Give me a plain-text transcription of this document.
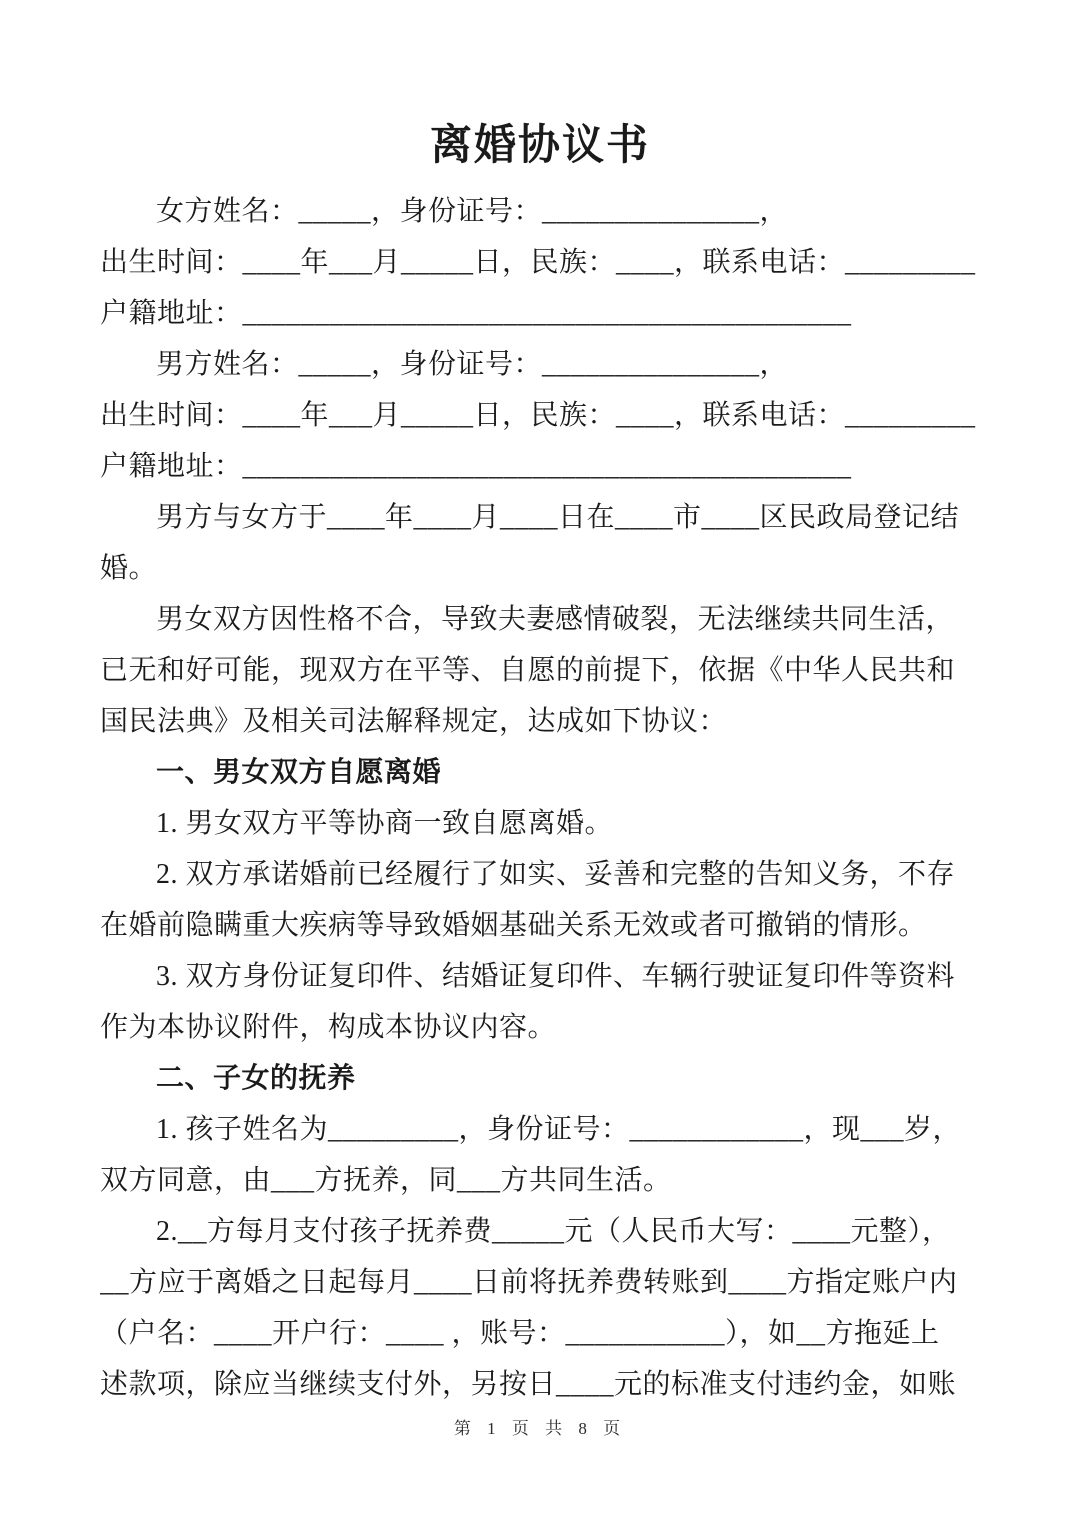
离婚协议书
女方姓名：_____，身份证号：_______________，
出生时间：____年___月_____日，民族：____，联系电话：_________
户籍地址：__________________________________________
男方姓名：_____，身份证号：_______________，
出生时间：____年___月_____日，民族：____，联系电话：_________
户籍地址：__________________________________________
男方与女方于____年____月____日在____市____区民政局登记结
婚。
男女双方因性格不合，导致夫妻感情破裂，无法继续共同生活，
已无和好可能，现双方在平等、自愿的前提下，依据《中华人民共和
国民法典》及相关司法解释规定，达成如下协议：
一、男女双方自愿离婚
1. 男女双方平等协商一致自愿离婚。
2. 双方承诺婚前已经履行了如实、妥善和完整的告知义务，不存
在婚前隐瞒重大疾病等导致婚姻基础关系无效或者可撤销的情形。
3. 双方身份证复印件、结婚证复印件、车辆行驶证复印件等资料
作为本协议附件，构成本协议内容。
二、子女的抚养
1. 孩子姓名为_________，身份证号：____________，现___岁，
双方同意，由___方抚养，同___方共同生活。
2.__方每月支付孩子抚养费_____元（人民币大写：____元整），
__方应于离婚之日起每月____日前将抚养费转账到____方指定账户内
（户名：____开户行：____ ，账号：___________），如__方拖延上
述款项，除应当继续支付外，另按日____元的标准支付违约金，如账
第 1 页 共 8 页
